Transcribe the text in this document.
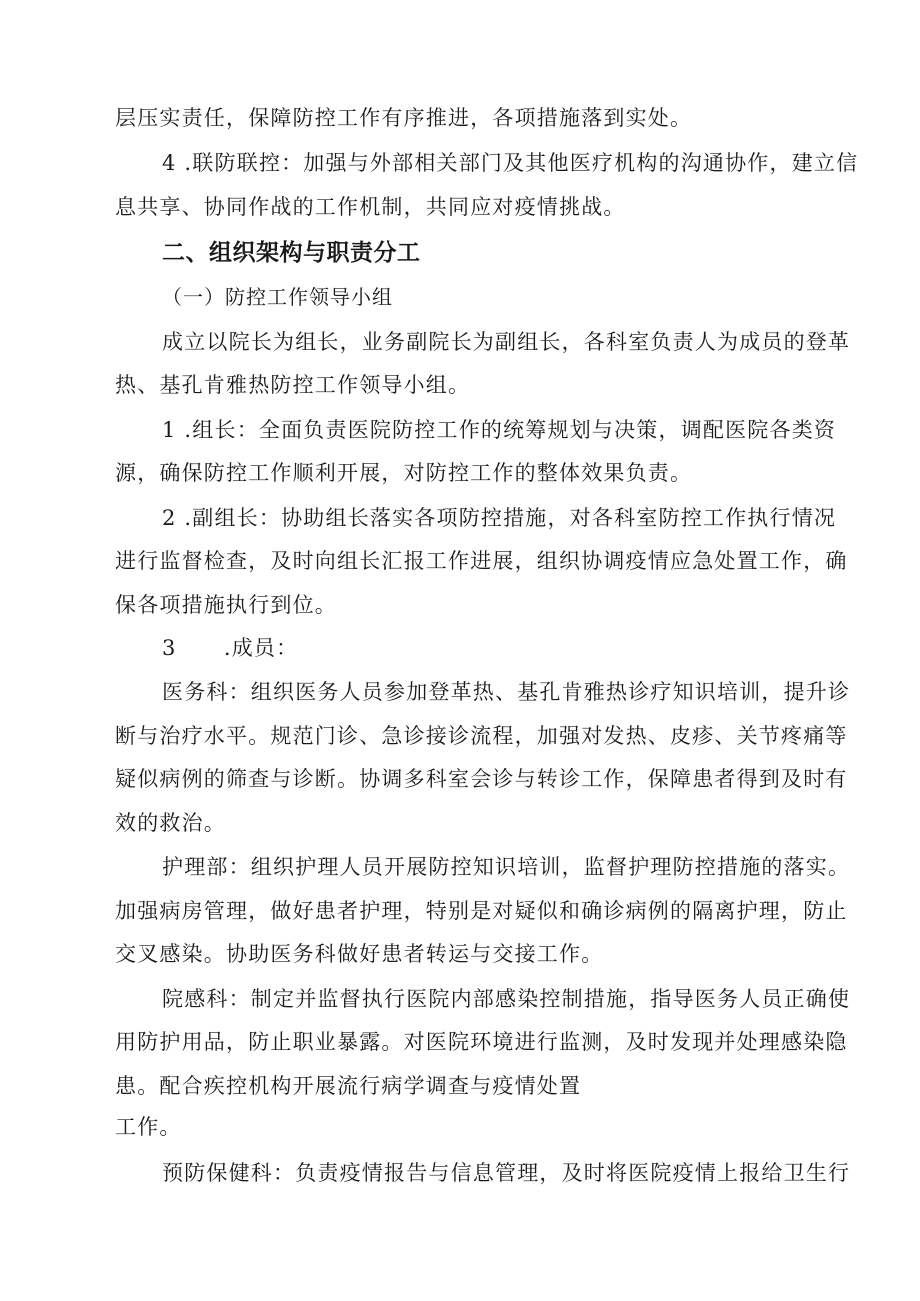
层压实责任，保障防控工作有序推进，各项措施落到实处。
4 .联防联控：加强与外部相关部门及其他医疗机构的沟通协作，建立信
息共享、协同作战的工作机制，共同应对疫情挑战。
二、组织架构与职责分工
（一）防控工作领导小组
成立以院长为组长，业务副院长为副组长，各科室负责人为成员的登革
热、基孔肯雅热防控工作领导小组。
1 .组长：全面负责医院防控工作的统筹规划与决策，调配医院各类资
源，确保防控工作顺利开展，对防控工作的整体效果负责。
2 .副组长：协助组长落实各项防控措施，对各科室防控工作执行情况
进行监督检查，及时向组长汇报工作进展，组织协调疫情应急处置工作，确
保各项措施执行到位。
3      .成员：
医务科：组织医务人员参加登革热、基孔肯雅热诊疗知识培训，提升诊
断与治疗水平。规范门诊、急诊接诊流程，加强对发热、皮疹、关节疼痛等
疑似病例的筛查与诊断。协调多科室会诊与转诊工作，保障患者得到及时有
效的救治。
护理部：组织护理人员开展防控知识培训，监督护理防控措施的落实。
加强病房管理，做好患者护理，特别是对疑似和确诊病例的隔离护理，防止
交叉感染。协助医务科做好患者转运与交接工作。
院感科：制定并监督执行医院内部感染控制措施，指导医务人员正确使
用防护用品，防止职业暴露。对医院环境进行监测，及时发现并处理感染隐
患。配合疾控机构开展流行病学调查与疫情处置
工作。
预防保健科：负责疫情报告与信息管理，及时将医院疫情上报给卫生行
